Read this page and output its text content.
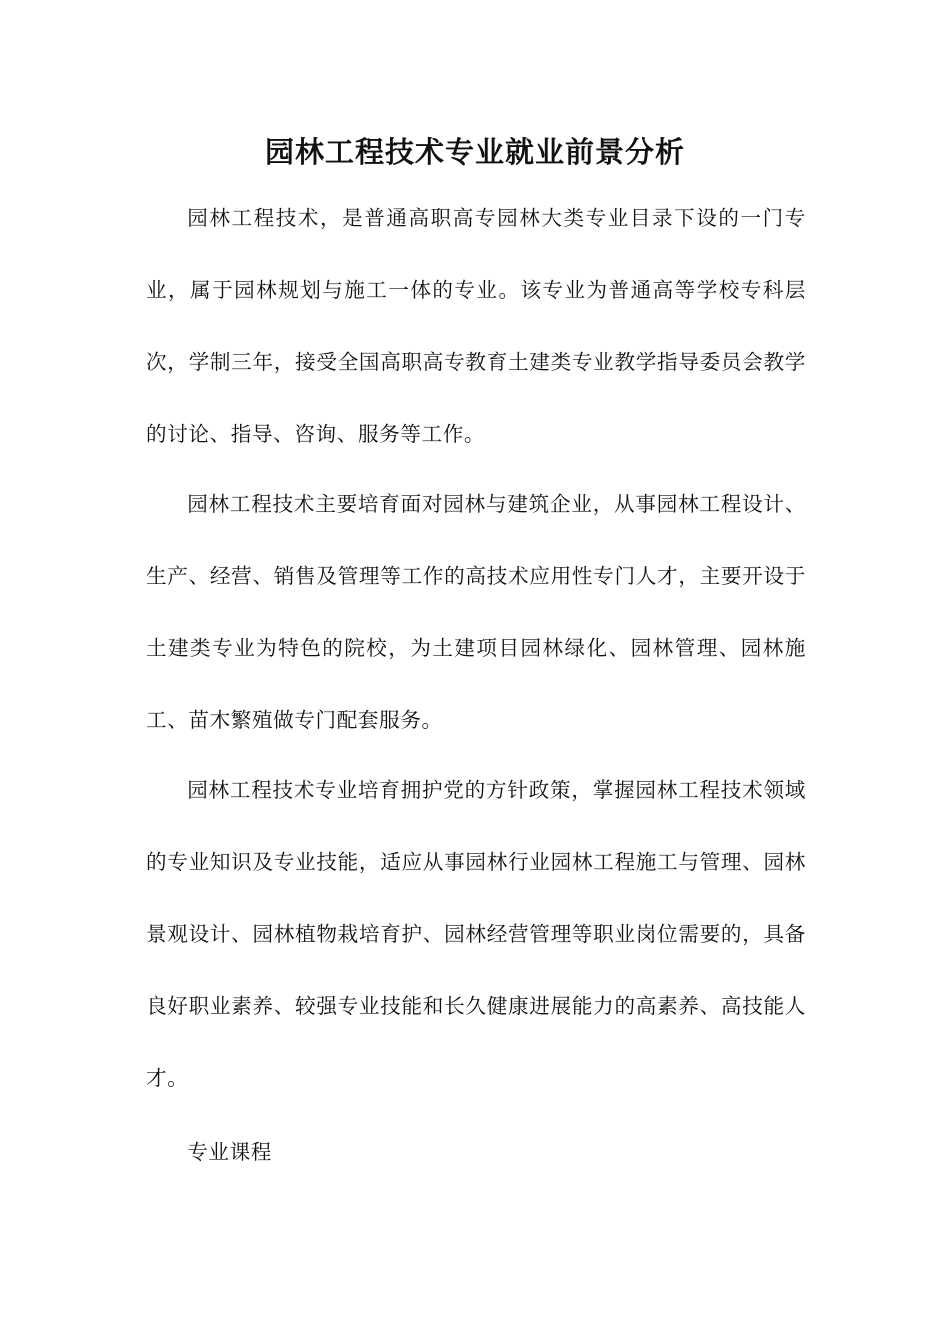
园林工程技术专业就业前景分析

园林工程技术，是普通高职高专园林大类专业目录下设的一门专业，属于园林规划与施工一体的专业。该专业为普通高等学校专科层次，学制三年，接受全国高职高专教育土建类专业教学指导委员会教学的讨论、指导、咨询、服务等工作。

园林工程技术主要培育面对园林与建筑企业，从事园林工程设计、生产、经营、销售及管理等工作的高技术应用性专门人才，主要开设于土建类专业为特色的院校，为土建项目园林绿化、园林管理、园林施工、苗木繁殖做专门配套服务。

园林工程技术专业培育拥护党的方针政策，掌握园林工程技术领域的专业知识及专业技能，适应从事园林行业园林工程施工与管理、园林景观设计、园林植物栽培育护、园林经营管理等职业岗位需要的，具备良好职业素养、较强专业技能和长久健康进展能力的高素养、高技能人才。

专业课程
